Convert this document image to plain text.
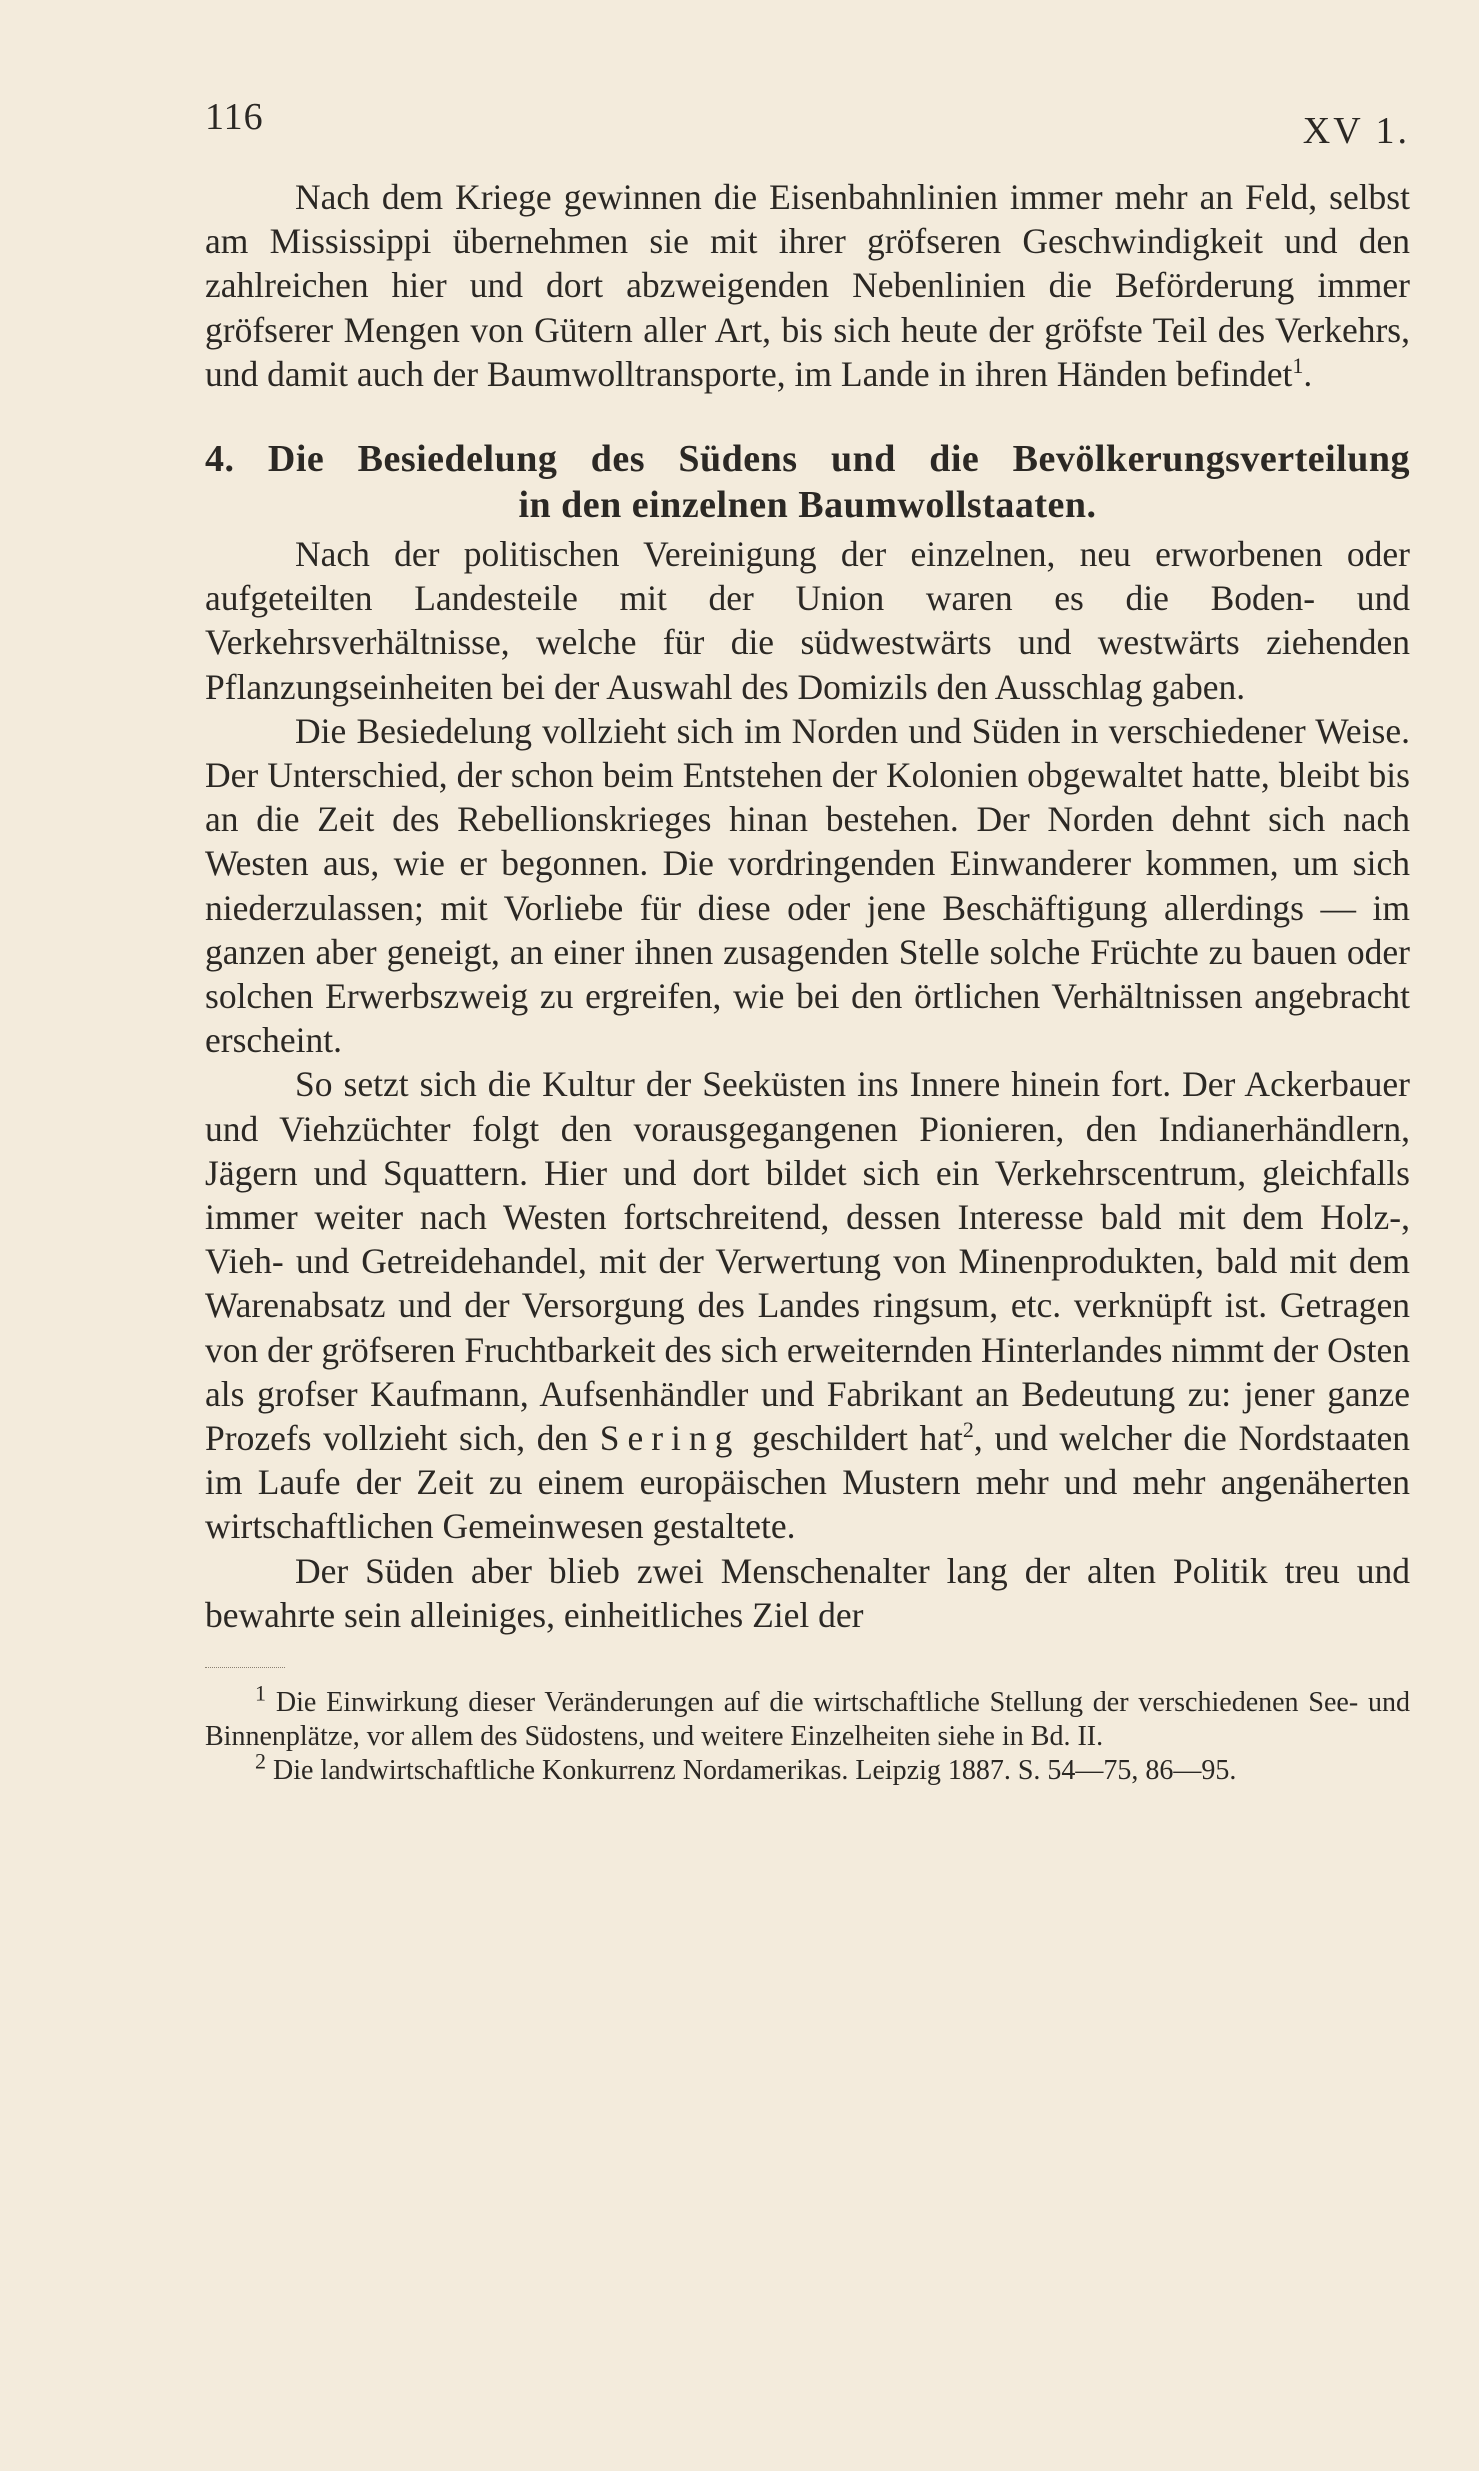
116	XV 1.

Nach dem Kriege gewinnen die Eisenbahnlinien immer mehr an Feld, selbst am Mississippi übernehmen sie mit ihrer gröfseren Geschwindigkeit und den zahlreichen hier und dort abzweigenden Nebenlinien die Beförderung immer gröfserer Mengen von Gütern aller Art, bis sich heute der gröfste Teil des Verkehrs, und damit auch der Baumwolltransporte, im Lande in ihren Händen befindet$^1$.

4. Die Besiedelung des Südens und die Bevölkerungsverteilung
in den einzelnen Baumwollstaaten.

Nach der politischen Vereinigung der einzelnen, neu erworbenen oder aufgeteilten Landesteile mit der Union waren es die Boden- und Verkehrsverhältnisse, welche für die südwestwärts und westwärts ziehenden Pflanzungseinheiten bei der Auswahl des Domizils den Ausschlag gaben.

Die Besiedelung vollzieht sich im Norden und Süden in verschiedener Weise. Der Unterschied, der schon beim Entstehen der Kolonien obgewaltet hatte, bleibt bis an die Zeit des Rebellionskrieges hinan bestehen. Der Norden dehnt sich nach Westen aus, wie er begonnen. Die vordringenden Einwanderer kommen, um sich niederzulassen; mit Vorliebe für diese oder jene Beschäftigung allerdings — im ganzen aber geneigt, an einer ihnen zusagenden Stelle solche Früchte zu bauen oder solchen Erwerbszweig zu ergreifen, wie bei den örtlichen Verhältnissen angebracht erscheint.

So setzt sich die Kultur der Seeküsten ins Innere hinein fort. Der Ackerbauer und Viehzüchter folgt den vorausgegangenen Pionieren, den Indianerhändlern, Jägern und Squattern. Hier und dort bildet sich ein Verkehrscentrum, gleichfalls immer weiter nach Westen fortschreitend, dessen Interesse bald mit dem Holz-, Vieh- und Getreidehandel, mit der Verwertung von Minenprodukten, bald mit dem Warenabsatz und der Versorgung des Landes ringsum, etc. verknüpft ist. Getragen von der gröfseren Fruchtbarkeit des sich erweiternden Hinterlandes nimmt der Osten als grofser Kaufmann, Aufsenhändler und Fabrikant an Bedeutung zu: jener ganze Prozefs vollzieht sich, den Sering geschildert hat$^2$, und welcher die Nordstaaten im Laufe der Zeit zu einem europäischen Mustern mehr und mehr angenäherten wirtschaftlichen Gemeinwesen gestaltete.

Der Süden aber blieb zwei Menschenalter lang der alten Politik treu und bewahrte sein alleiniges, einheitliches Ziel der

$^1$ Die Einwirkung dieser Veränderungen auf die wirtschaftliche Stellung der verschiedenen See- und Binnenplätze, vor allem des Südostens, und weitere Einzelheiten siehe in Bd. II.

$^2$ Die landwirtschaftliche Konkurrenz Nordamerikas. Leipzig 1887. S. 54—75, 86—95.
